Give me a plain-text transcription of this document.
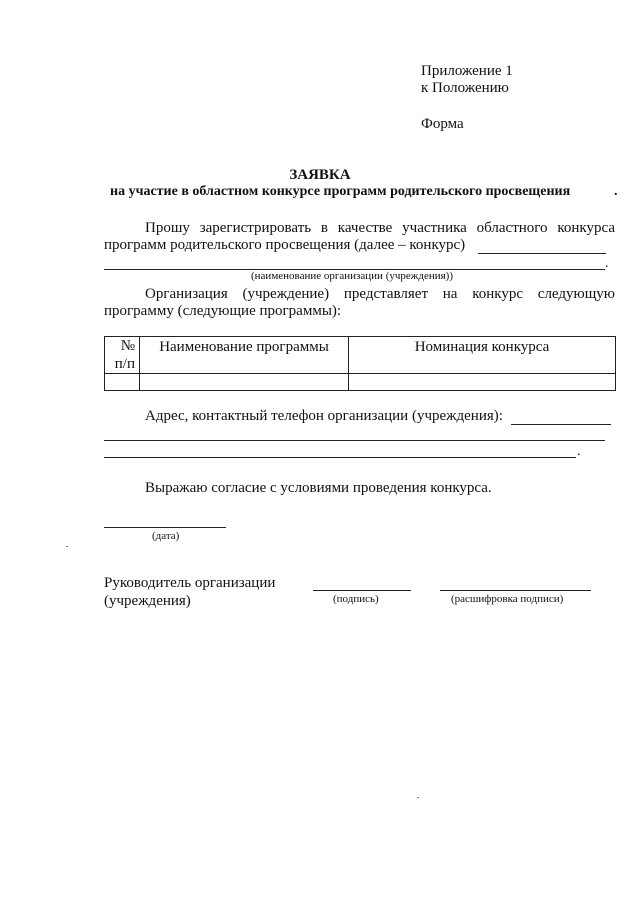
Приложение 1
к Положению
Форма
ЗАЯВКА
на участие в областном конкурсе программ родительского просвещения	.
Прошу зарегистрировать в качестве участника областного конкурса
программ родительского просвещения (далее – конкурс)
.
(наименование организации (учреждения))
Организация (учреждение) представляет на конкурс следующую
программу (следующие программы):
№ п/п	Наименование программы	Номинация конкурса

Адрес, контактный телефон организации (учреждения):
.
Выражаю согласие с условиями проведения конкурса.
(дата)
Руководитель организации
(учреждения)	(подпись)	(расшифровка подписи)
